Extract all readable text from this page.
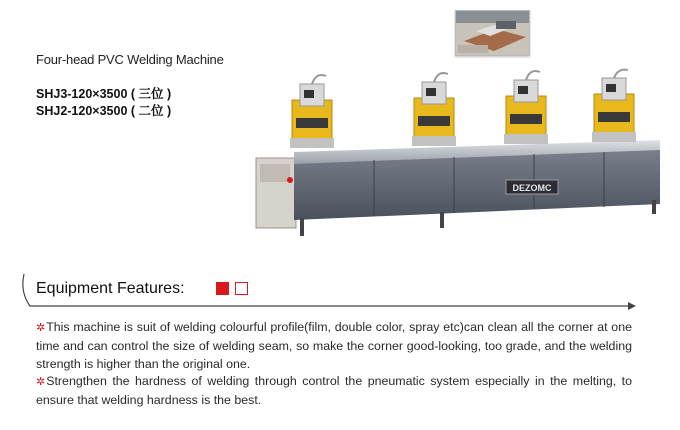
Four-head PVC Welding Machine
SHJ3-120×3500 ( 三位 )
SHJ2-120×3500 ( 二位 )
DEZOMC
Equipment Features:
✲This machine is suit of welding colourful profile(film, double color, spray etc)can clean all the corner at one time and can control the size of welding seam, so make the corner good-looking, too grade, and the welding strength is higher than the original one.
✲Strengthen the hardness of welding through control the pneumatic system especially in the melting, to ensure that welding hardness is the best.
